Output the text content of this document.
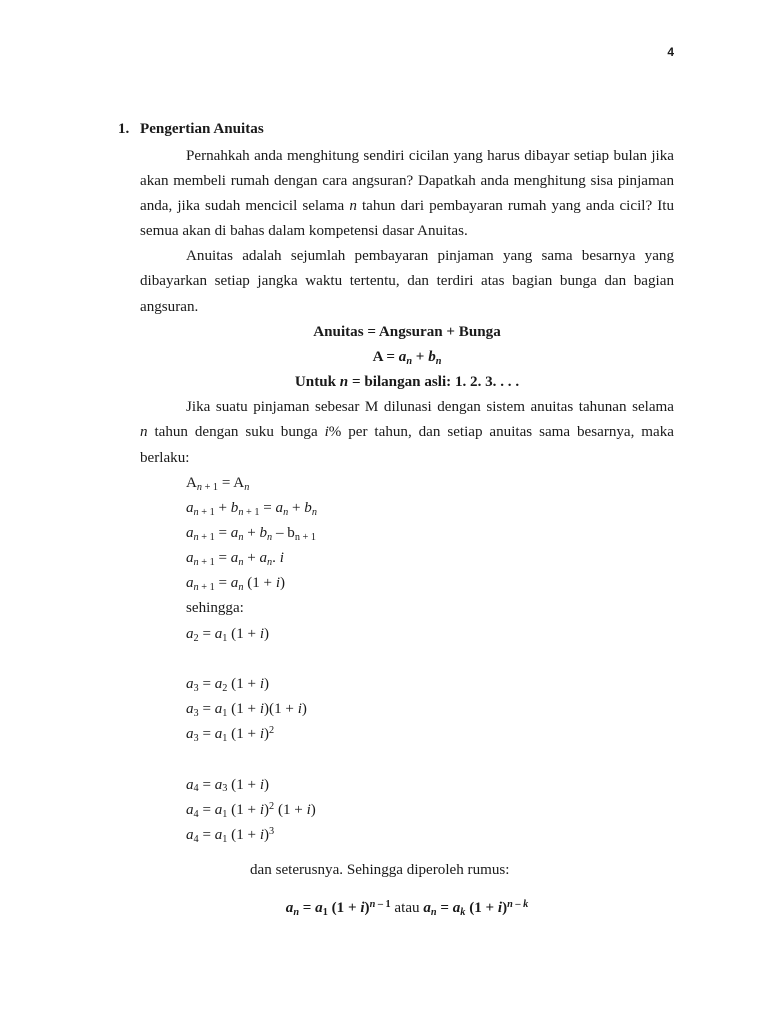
4
1. Pengertian Anuitas
Pernahkah anda menghitung sendiri cicilan yang harus dibayar setiap bulan jika
akan membeli rumah dengan cara angsuran? Dapatkah anda menghitung sisa pinjaman
anda, jika sudah mencicil selama n tahun dari pembayaran rumah yang anda cicil? Itu
semua akan di bahas dalam kompetensi dasar Anuitas.
Anuitas adalah sejumlah pembayaran pinjaman yang sama besarnya yang
dibayarkan setiap jangka waktu tertentu, dan terdiri atas bagian bunga dan bagian
angsuran.
Anuitas = Angsuran + Bunga
A = an + bn
Untuk n = bilangan asli: 1. 2. 3. . . .
Jika suatu pinjaman sebesar M dilunasi dengan sistem anuitas tahunan selama
n tahun dengan suku bunga i% per tahun, dan setiap anuitas sama besarnya, maka
berlaku:
An + 1 = An
an + 1 + bn + 1 = an + bn
an + 1 = an + bn – bn + 1
an + 1 = an + an. i
an + 1 = an (1 + i)
sehingga:
a2 = a1 (1 + i)
a3 = a2 (1 + i)
a3 = a1 (1 + i)(1 + i)
a3 = a1 $(1 + i)^2$
a4 = a3 (1 + i)
a4 = a1 $(1 + i)^2$ (1 + i)
a4 = a1 $(1 + i)^3$
dan seterusnya. Sehingga diperoleh rumus:
an = a1 $(1 + i)^n$ $^{- 1}$ atau an = ak $(1 + i)^n$ – $^k$
